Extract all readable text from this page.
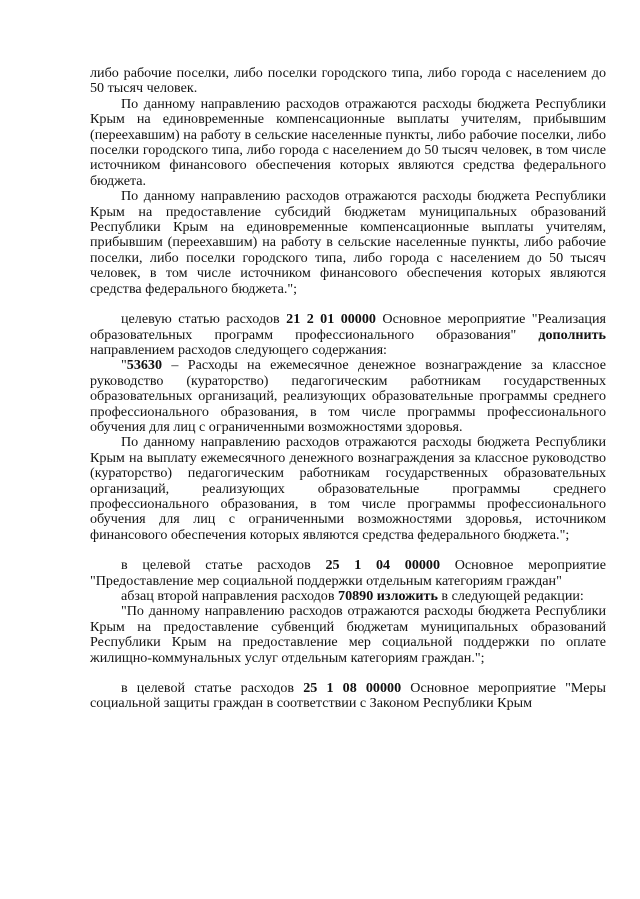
либо рабочие поселки, либо поселки городского типа, либо города с населением до 50 тысяч человек.

По данному направлению расходов отражаются расходы бюджета Республики Крым на единовременные компенсационные выплаты учителям, прибывшим (переехавшим) на работу в сельские населенные пункты, либо рабочие поселки, либо поселки городского типа, либо города с населением до 50 тысяч человек, в том числе источником финансового обеспечения которых являются средства федерального бюджета.

По данному направлению расходов отражаются расходы бюджета Республики Крым на предоставление субсидий бюджетам муниципальных образований Республики Крым на единовременные компенсационные выплаты учителям, прибывшим (переехавшим) на работу в сельские населенные пункты, либо рабочие поселки, либо поселки городского типа, либо города с населением до 50 тысяч человек, в том числе источником финансового обеспечения которых являются средства федерального бюджета.";

целевую статью расходов 21 2 01 00000 Основное мероприятие "Реализация образовательных программ профессионального образования" дополнить направлением расходов следующего содержания:

"53630 – Расходы на ежемесячное денежное вознаграждение за классное руководство (кураторство) педагогическим работникам государственных образовательных организаций, реализующих образовательные программы среднего профессионального образования, в том числе программы профессионального обучения для лиц с ограниченными возможностями здоровья.

По данному направлению расходов отражаются расходы бюджета Республики Крым на выплату ежемесячного денежного вознаграждения за классное руководство (кураторство) педагогическим работникам государственных образовательных организаций, реализующих образовательные программы среднего профессионального образования, в том числе программы профессионального обучения для лиц с ограниченными возможностями здоровья, источником финансового обеспечения которых являются средства федерального бюджета.";

в целевой статье расходов 25 1 04 00000 Основное мероприятие "Предоставление мер социальной поддержки отдельным категориям граждан"

абзац второй направления расходов 70890 изложить в следующей редакции:

"По данному направлению расходов отражаются расходы бюджета Республики Крым на предоставление субвенций бюджетам муниципальных образований Республики Крым на предоставление мер социальной поддержки по оплате жилищно-коммунальных услуг отдельным категориям граждан.";

в целевой статье расходов 25 1 08 00000 Основное мероприятие "Меры социальной защиты граждан в соответствии с Законом Республики Крым
